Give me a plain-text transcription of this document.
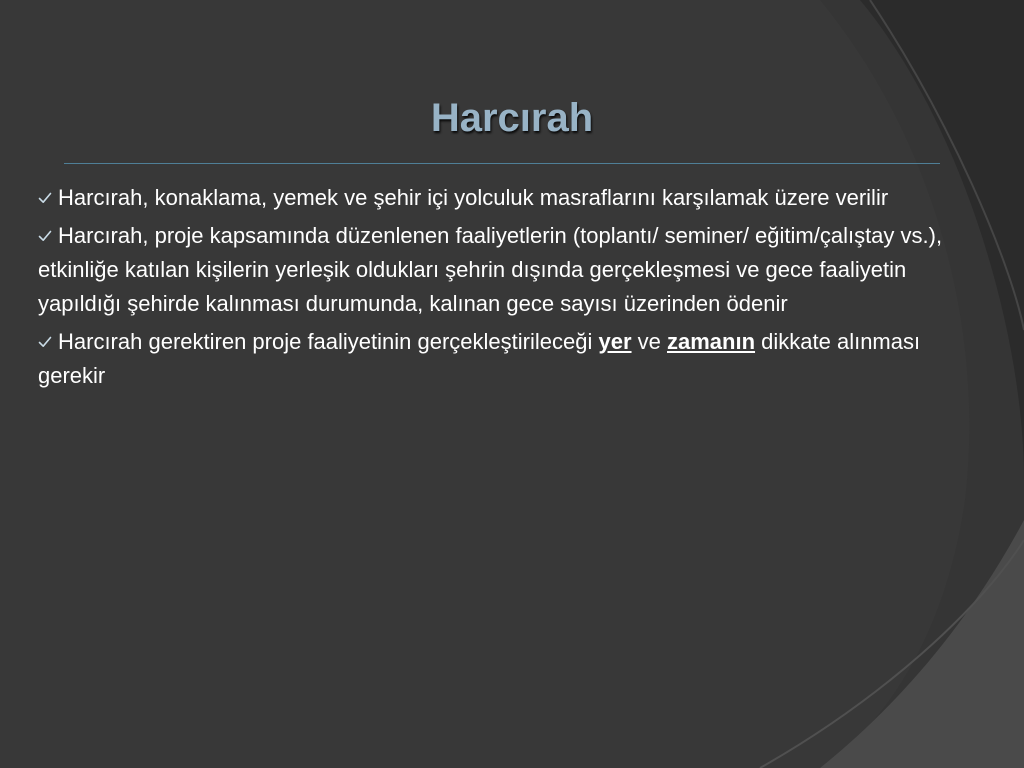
Harcırah
Harcırah, konaklama, yemek ve şehir içi yolculuk masraflarını karşılamak üzere verilir
Harcırah, proje kapsamında düzenlenen faaliyetlerin (toplantı/ seminer/ eğitim/çalıştay vs.), etkinliğe katılan kişilerin yerleşik oldukları şehrin dışında gerçekleşmesi ve gece faaliyetin yapıldığı şehirde kalınması durumunda, kalınan gece sayısı üzerinden ödenir
Harcırah gerektiren proje faaliyetinin gerçekleştirileceği yer ve zamanın dikkate alınması gerekir
